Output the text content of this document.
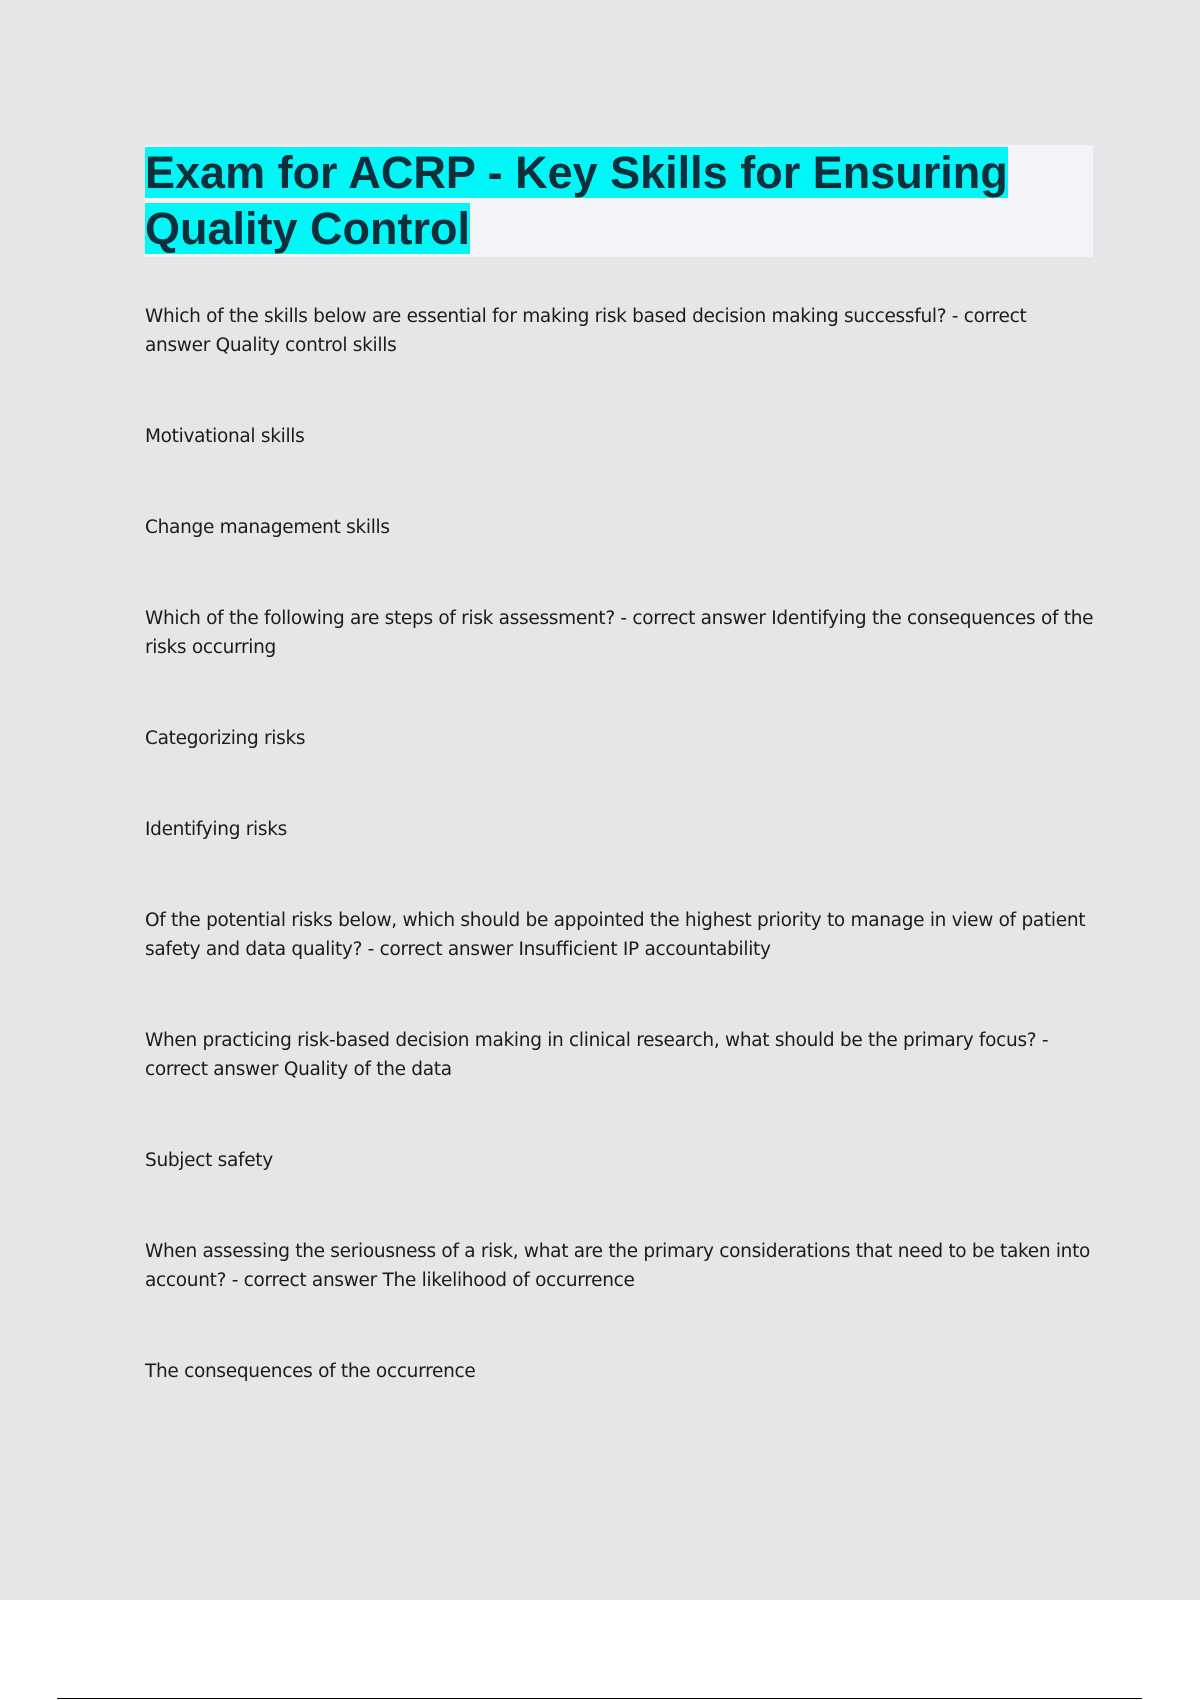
Exam for ACRP - Key Skills for Ensuring
Quality Control

Which of the skills below are essential for making risk based decision making successful? - correct answer Quality control skills

Motivational skills

Change management skills

Which of the following are steps of risk assessment? - correct answer Identifying the consequences of the risks occurring

Categorizing risks

Identifying risks

Of the potential risks below, which should be appointed the highest priority to manage in view of patient safety and data quality? - correct answer Insufficient IP accountability

When practicing risk-based decision making in clinical research, what should be the primary focus? - correct answer Quality of the data

Subject safety

When assessing the seriousness of a risk, what are the primary considerations that need to be taken into account? - correct answer The likelihood of occurrence

The consequences of the occurrence
